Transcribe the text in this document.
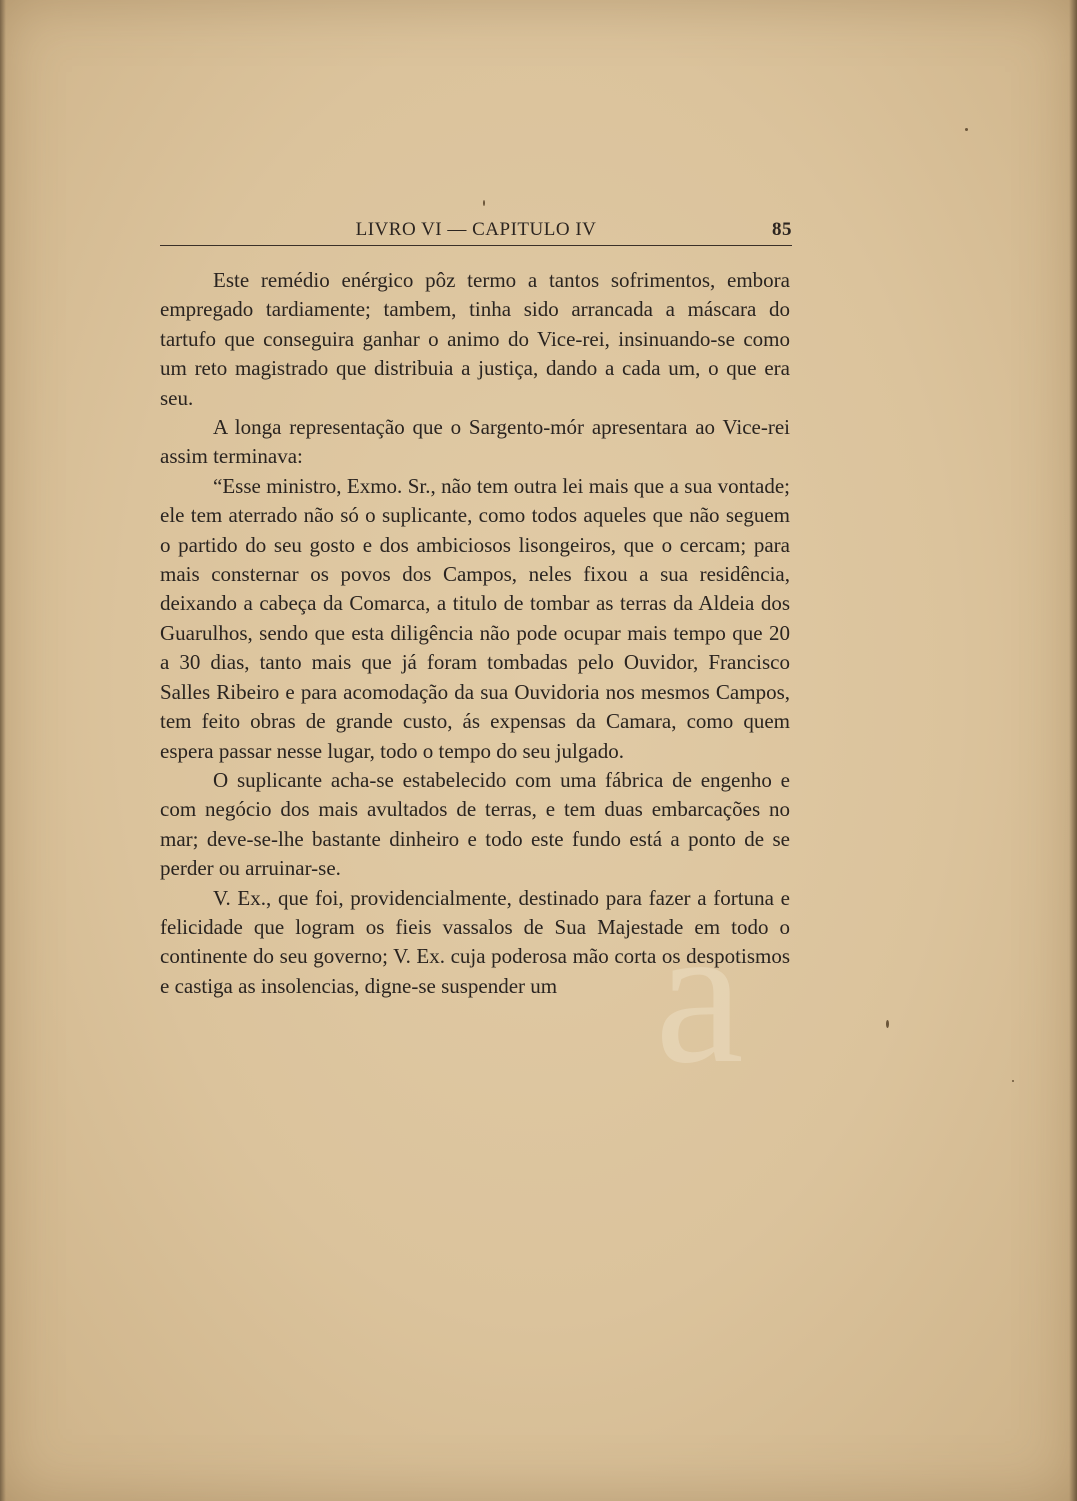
a
LIVRO VI — CAPITULO IV	85

Este remédio enérgico pôz termo a tantos sofrimentos, embora empregado tardiamente; tambem, tinha sido arrancada a máscara do tartufo que conseguira ganhar o animo do Vice-rei, insinuando-se como um reto magistrado que distribuia a justiça, dando a cada um, o que era seu.

A longa representação que o Sargento-mór apresentara ao Vice-rei assim terminava:

“Esse ministro, Exmo. Sr., não tem outra lei mais que a sua vontade; ele tem aterrado não só o suplicante, como todos aqueles que não seguem o partido do seu gosto e dos ambiciosos lisongeiros, que o cercam; para mais consternar os povos dos Campos, neles fixou a sua residência, deixando a cabeça da Comarca, a titulo de tombar as terras da Aldeia dos Guarulhos, sendo que esta diligência não pode ocupar mais tempo que 20 a 30 dias, tanto mais que já foram tombadas pelo Ouvidor, Francisco Salles Ribeiro e para acomodação da sua Ouvidoria nos mesmos Campos, tem feito obras de grande custo, ás expensas da Camara, como quem espera passar nesse lugar, todo o tempo do seu julgado.

O suplicante acha-se estabelecido com uma fábrica de engenho e com negócio dos mais avultados de terras, e tem duas embarcações no mar; deve-se-lhe bastante dinheiro e todo este fundo está a ponto de se perder ou arruinar-se.

V. Ex., que foi, providencialmente, destinado para fazer a fortuna e felicidade que logram os fieis vassalos de Sua Majestade em todo o continente do seu governo; V. Ex. cuja poderosa mão corta os despotismos e castiga as insolencias, digne-se suspender um
